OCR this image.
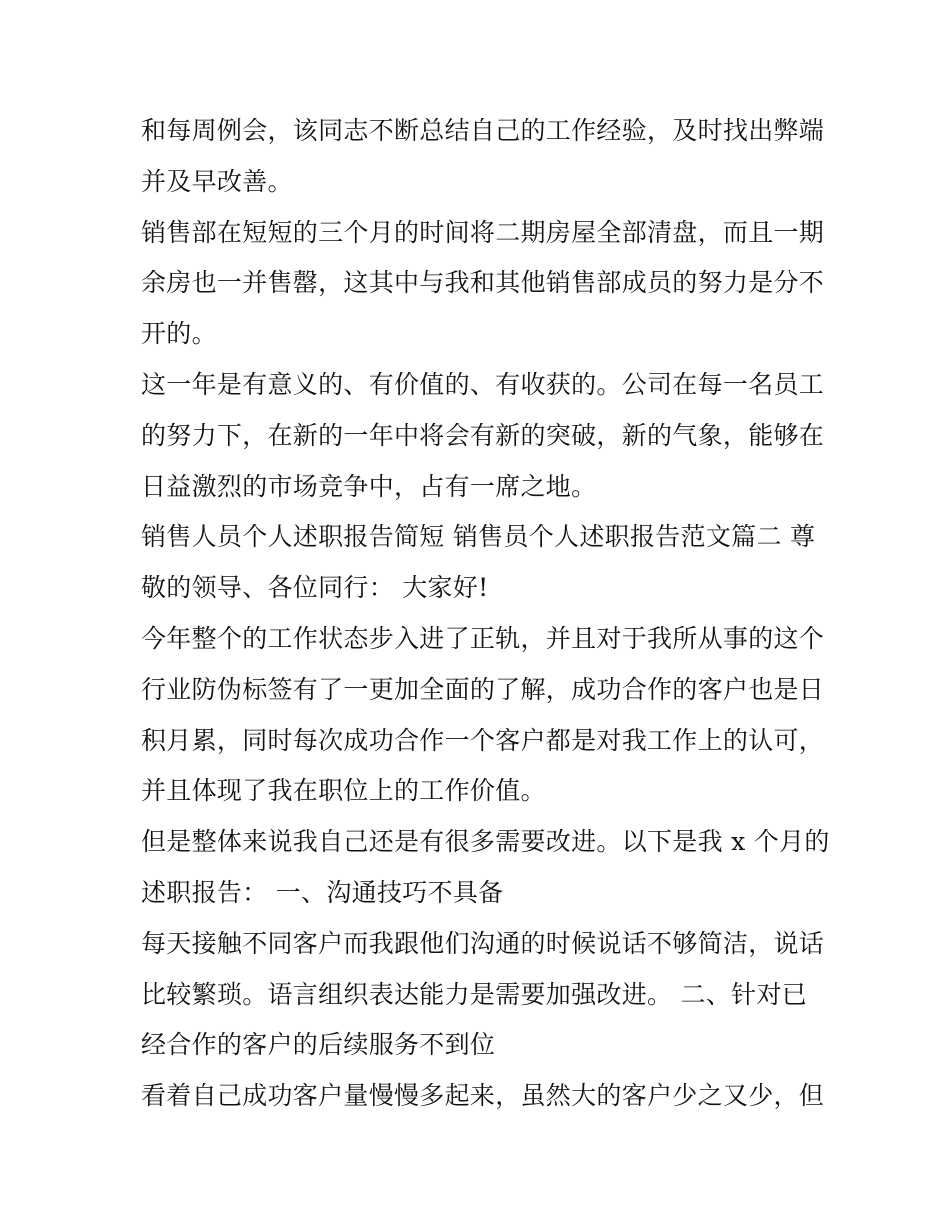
和每周例会，该同志不断总结自己的工作经验，及时找出弊端
并及早改善。
销售部在短短的三个月的时间将二期房屋全部清盘，而且一期
余房也一并售罄，这其中与我和其他销售部成员的努力是分不
开的。
这一年是有意义的、有价值的、有收获的。公司在每一名员工
的努力下，在新的一年中将会有新的突破，新的气象，能够在
日益激烈的市场竞争中，占有一席之地。
销售人员个人述职报告简短 销售员个人述职报告范文篇二 尊
敬的领导、各位同行： 大家好!
今年整个的工作状态步入进了正轨，并且对于我所从事的这个
行业防伪标签有了一更加全面的了解，成功合作的客户也是日
积月累，同时每次成功合作一个客户都是对我工作上的认可，
并且体现了我在职位上的工作价值。
但是整体来说我自己还是有很多需要改进。以下是我 x 个月的
述职报告： 一、沟通技巧不具备
每天接触不同客户而我跟他们沟通的时候说话不够简洁，说话
比较繁琐。语言组织表达能力是需要加强改进。 二、针对已
经合作的客户的后续服务不到位
看着自己成功客户量慢慢多起来，虽然大的客户少之又少，但
